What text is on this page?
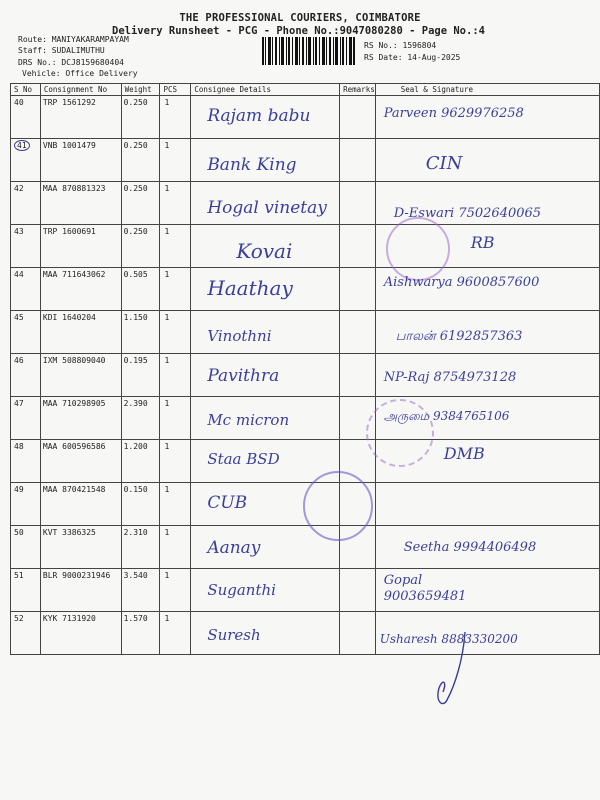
THE PROFESSIONAL COURIERS, COIMBATORE
Delivery Runsheet - PCG - Phone No.:9047080280 - Page No.:4
Route: MANIYAKARAMPAYAM
Staff: SUDALIMUTHU
DRS No.: DCJ8159680404
Vehicle: Office Delivery
RS No.: 1596804
RS Date: 14-Aug-2025
S No	Consignment No	Weight	PCS	Consignee Details	Remarks	Seal & Signature
40	TRP 1561292	0.250	1	Rajam babu		Parveen 9629976258

41	VNB 1001479	0.250	1	Bank King		CIN

42	MAA 870881323	0.250	1	Hogal vinetay		D-Eswari 7502640065

43	TRP 1600691	0.250	1	Kovai		RB

44	MAA 711643062	0.505	1	Haathay		Aishwarya 9600857600

45	KDI 1640204	1.150	1	Vinothni		பாலன் 6192857363

46	IXM 508809040	0.195	1	Pavithra		NP-Raj 8754973128

47	MAA 710298905	2.390	1	Mc micron		அருமை 9384765106

48	MAA 600596586	1.200	1	Staa BSD		DMB

49	MAA 870421548	0.150	1	CUB		

50	KVT 3386325	2.310	1	Aanay		Seetha 9994406498

51	BLR 9000231946	3.540	1	Suganthi		Gopal 9003659481

52	KYK 7131920	1.570	1	Suresh		Usharesh 8883330200
